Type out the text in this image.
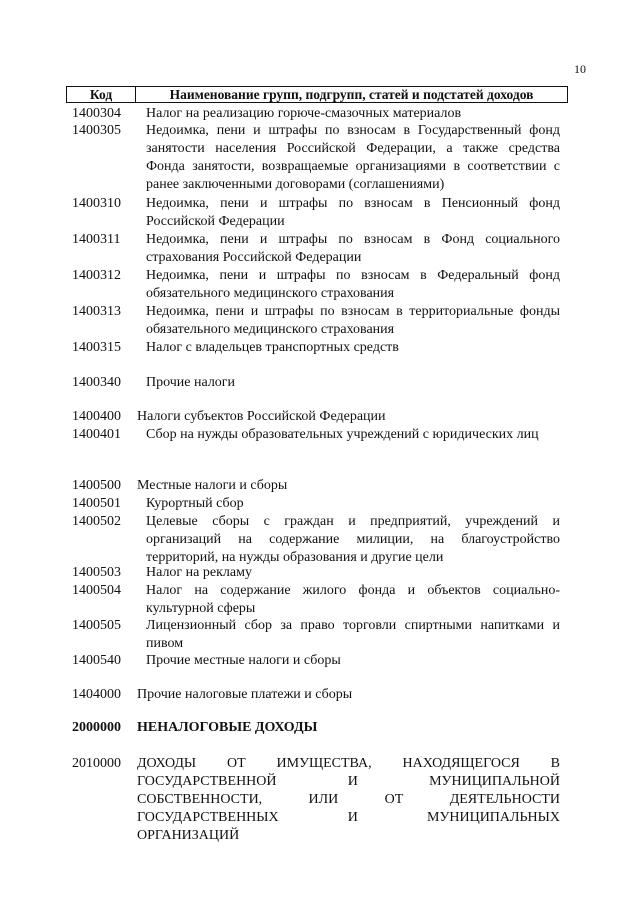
10
Код	Наименование групп, подгрупп, статей и подстатей доходов
1400304	Налог на реализацию горюче-смазочных материалов
1400305	Недоимка, пени и штрафы по взносам в Государственный фонд занятости населения Российской Федерации, а также средства Фонда занятости, возвращаемые организациями в соответствии с ранее заключенными договорами (соглашениями)
1400310	Недоимка, пени и штрафы по взносам в Пенсионный фонд Российской Федерации
1400311	Недоимка, пени и штрафы по взносам в Фонд социального страхования Российской Федерации
1400312	Недоимка, пени и штрафы по взносам в Федеральный фонд обязательного медицинского страхования
1400313	Недоимка, пени и штрафы по взносам в территориальные фонды обязательного медицинского страхования
1400315	Налог с владельцев транспортных средств
1400340	Прочие налоги
1400400	Налоги субъектов Российской Федерации
1400401	Сбор на нужды образовательных учреждений с юридических лиц
1400500	Местные налоги и сборы
1400501	Курортный сбор
1400502	Целевые сборы с граждан и предприятий, учреждений и организаций на содержание милиции, на благоустройство территорий, на нужды образования и другие цели
1400503	Налог на рекламу
1400504	Налог на содержание жилого фонда и объектов социально-культурной сферы
1400505	Лицензионный сбор за право торговли спиртными напитками и пивом
1400540	Прочие местные налоги и сборы
1404000	Прочие налоговые платежи и сборы
2000000	НЕНАЛОГОВЫЕ ДОХОДЫ
2010000	ДОХОДЫ ОТ ИМУЩЕСТВА, НАХОДЯЩЕГОСЯ В
ГОСУДАРСТВЕННОЙ И МУНИЦИПАЛЬНОЙ
СОБСТВЕННОСТИ, ИЛИ ОТ ДЕЯТЕЛЬНОСТИ
ГОСУДАРСТВЕННЫХ И МУНИЦИПАЛЬНЫХ
ОРГАНИЗАЦИЙ
